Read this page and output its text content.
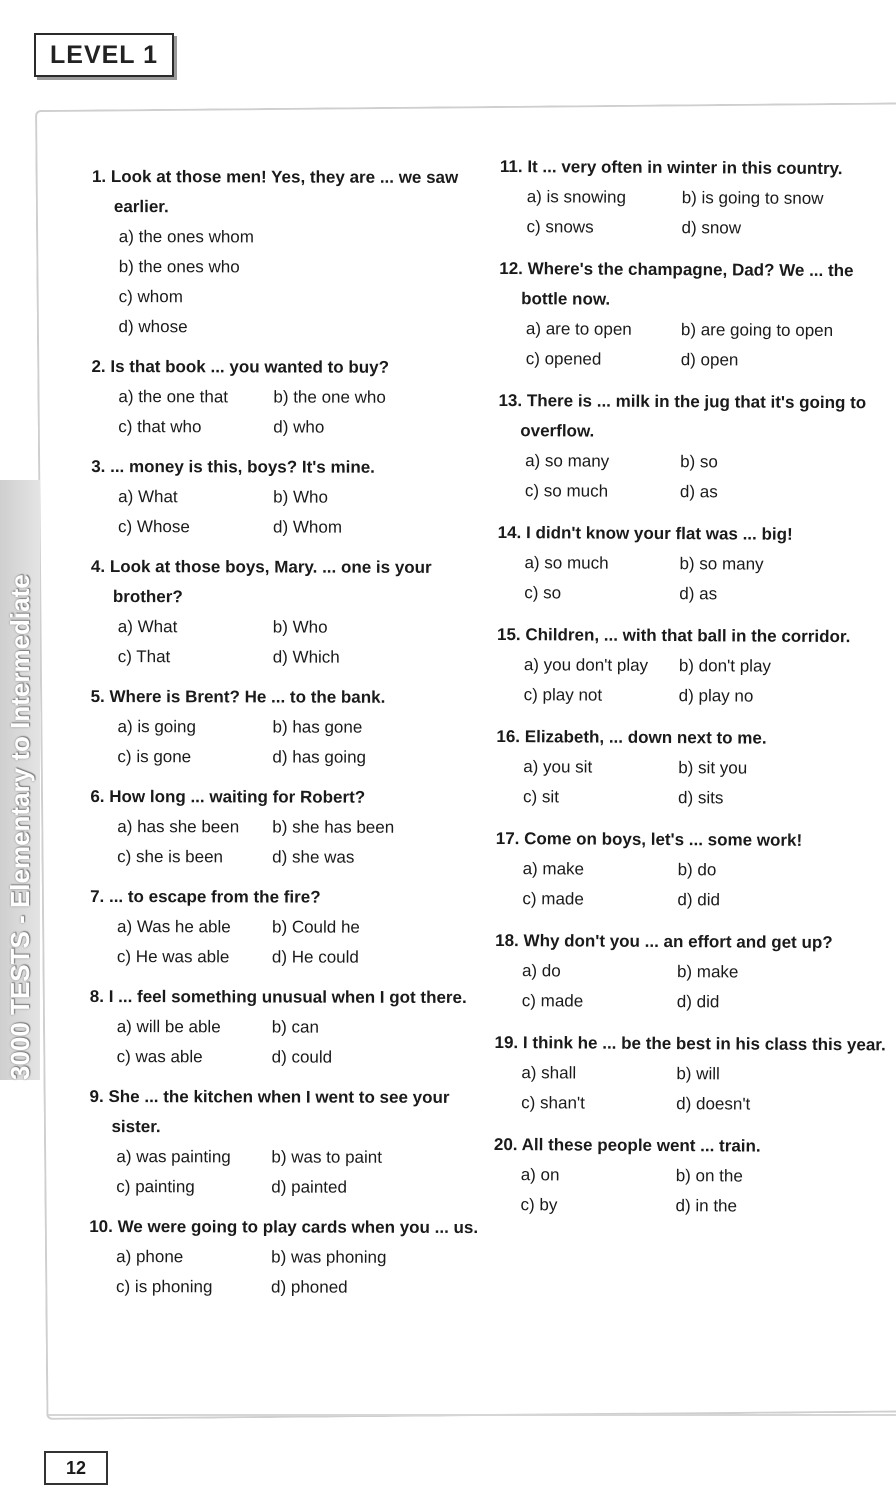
LEVEL 1
3000 TESTS - Elementary to Intermediate

1. Look at those men! Yes, they are ... we saw earlier.

a) the ones whom
b) the ones who
c) whom
d) whose

2. Is that book ... you wanted to buy?

a) the one that	b) the one who
c) that who	d) who

3. ... money is this, boys? It's mine.

a) What	b) Who
c) Whose	d) Whom

4. Look at those boys, Mary. ... one is your brother?

a) What	b) Who
c) That	d) Which

5. Where is Brent? He ... to the bank.

a) is going	b) has gone
c) is gone	d) has going

6. How long ... waiting for Robert?

a) has she been	b) she has been
c) she is been	d) she was

7. ... to escape from the fire?

a) Was he able	b) Could he
c) He was able	d) He could

8. I ... feel something unusual when I got there.

a) will be able	b) can
c) was able	d) could

9. She ... the kitchen when I went to see your sister.

a) was painting	b) was to paint
c) painting	d) painted

10. We were going to play cards when you ... us.

a) phone	b) was phoning
c) is phoning	d) phoned

11. It ... very often in winter in this country.

a) is snowing	b) is going to snow
c) snows	d) snow

12. Where's the champagne, Dad? We ... the bottle now.

a) are to open	b) are going to open
c) opened	d) open

13. There is ... milk in the jug that it's going to overflow.

a) so many	b) so
c) so much	d) as

14. I didn't know your flat was ... big!

a) so much	b) so many
c) so	d) as

15. Children, ... with that ball in the corridor.

a) you don't play	b) don't play
c) play not	d) play no

16. Elizabeth, ... down next to me.

a) you sit	b) sit you
c) sit	d) sits

17. Come on boys, let's ... some work!

a) make	b) do
c) made	d) did

18. Why don't you ... an effort and get up?

a) do	b) make
c) made	d) did

19. I think he ... be the best in his class this year.

a) shall	b) will
c) shan't	d) doesn't

20. All these people went ... train.

a) on	b) on the
c) by	d) in the
12
